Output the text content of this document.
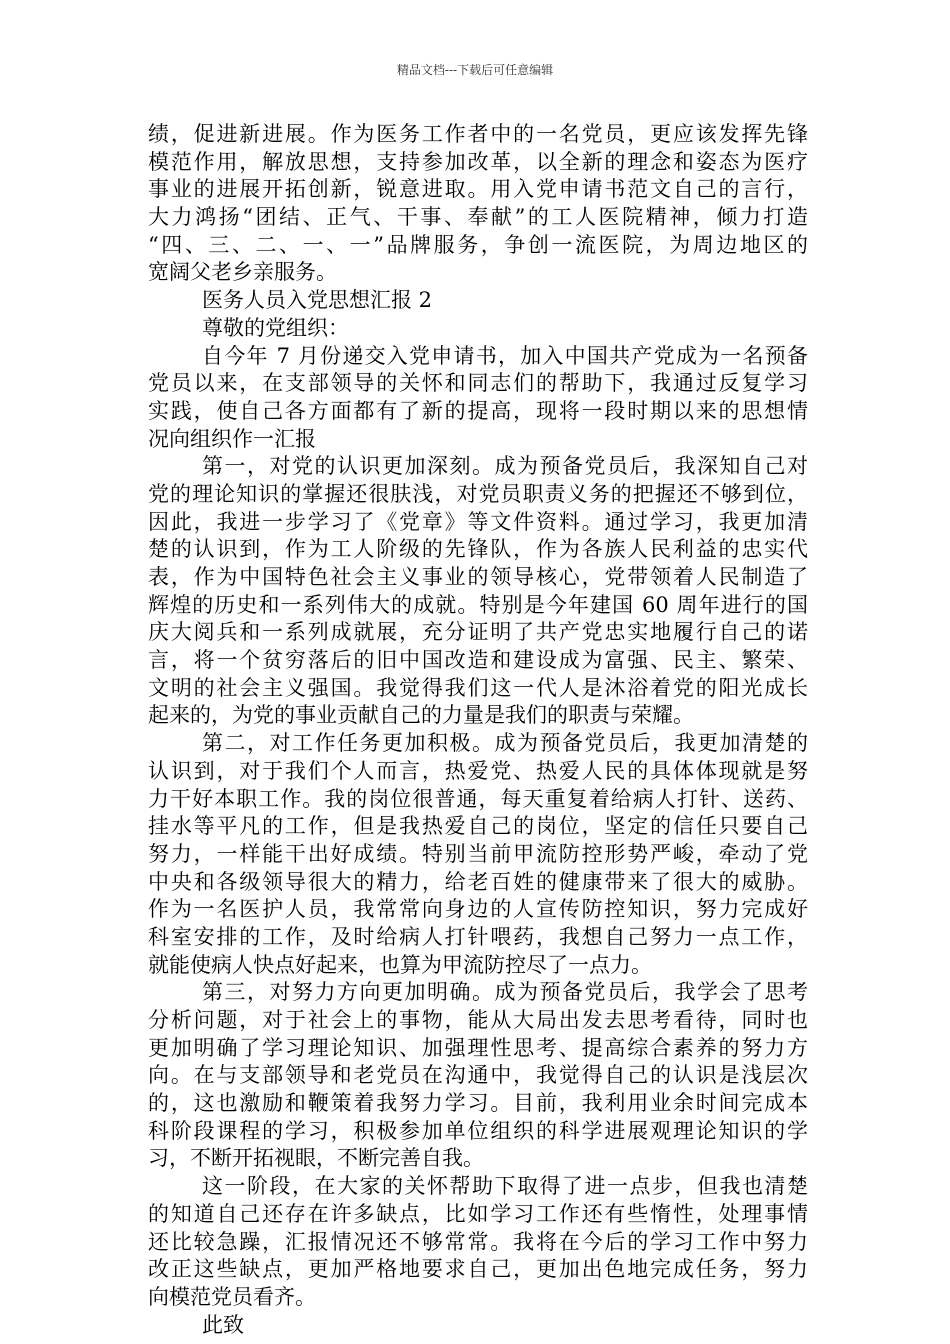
精品文档---下载后可任意编辑
绩，促进新进展。作为医务工作者中的一名党员，更应该发挥先锋
模范作用，解放思想，支持参加改革，以全新的理念和姿态为医疗
事业的进展开拓创新，锐意进取。用入党申请书范文自己的言行，
大力鸿扬“团结、正气、干事、奉献”的工人医院精神，倾力打造
“四、三、二、一、一”品牌服务，争创一流医院，为周边地区的
宽阔父老乡亲服务。
医务人员入党思想汇报 2
尊敬的党组织：
自今年 7 月份递交入党申请书，加入中国共产党成为一名预备
党员以来，在支部领导的关怀和同志们的帮助下，我通过反复学习
实践，使自己各方面都有了新的提高，现将一段时期以来的思想情
况向组织作一汇报
第一，对党的认识更加深刻。成为预备党员后，我深知自己对
党的理论知识的掌握还很肤浅，对党员职责义务的把握还不够到位，
因此，我进一步学习了《党章》等文件资料。通过学习，我更加清
楚的认识到，作为工人阶级的先锋队，作为各族人民利益的忠实代
表，作为中国特色社会主义事业的领导核心，党带领着人民制造了
辉煌的历史和一系列伟大的成就。特别是今年建国 60 周年进行的国
庆大阅兵和一系列成就展，充分证明了共产党忠实地履行自己的诺
言，将一个贫穷落后的旧中国改造和建设成为富强、民主、繁荣、
文明的社会主义强国。我觉得我们这一代人是沐浴着党的阳光成长
起来的，为党的事业贡献自己的力量是我们的职责与荣耀。
第二，对工作任务更加积极。成为预备党员后，我更加清楚的
认识到，对于我们个人而言，热爱党、热爱人民的具体体现就是努
力干好本职工作。我的岗位很普通，每天重复着给病人打针、送药、
挂水等平凡的工作，但是我热爱自己的岗位，坚定的信任只要自己
努力，一样能干出好成绩。特别当前甲流防控形势严峻，牵动了党
中央和各级领导很大的精力，给老百姓的健康带来了很大的威胁。
作为一名医护人员，我常常向身边的人宣传防控知识，努力完成好
科室安排的工作，及时给病人打针喂药，我想自己努力一点工作，
就能使病人快点好起来，也算为甲流防控尽了一点力。
第三，对努力方向更加明确。成为预备党员后，我学会了思考
分析问题，对于社会上的事物，能从大局出发去思考看待，同时也
更加明确了学习理论知识、加强理性思考、提高综合素养的努力方
向。在与支部领导和老党员在沟通中，我觉得自己的认识是浅层次
的，这也激励和鞭策着我努力学习。目前，我利用业余时间完成本
科阶段课程的学习，积极参加单位组织的科学进展观理论知识的学
习，不断开拓视眼，不断完善自我。
这一阶段，在大家的关怀帮助下取得了进一点步，但我也清楚
的知道自己还存在许多缺点，比如学习工作还有些惰性，处理事情
还比较急躁，汇报情况还不够常常。我将在今后的学习工作中努力
改正这些缺点，更加严格地要求自己，更加出色地完成任务，努力
向模范党员看齐。
此致
